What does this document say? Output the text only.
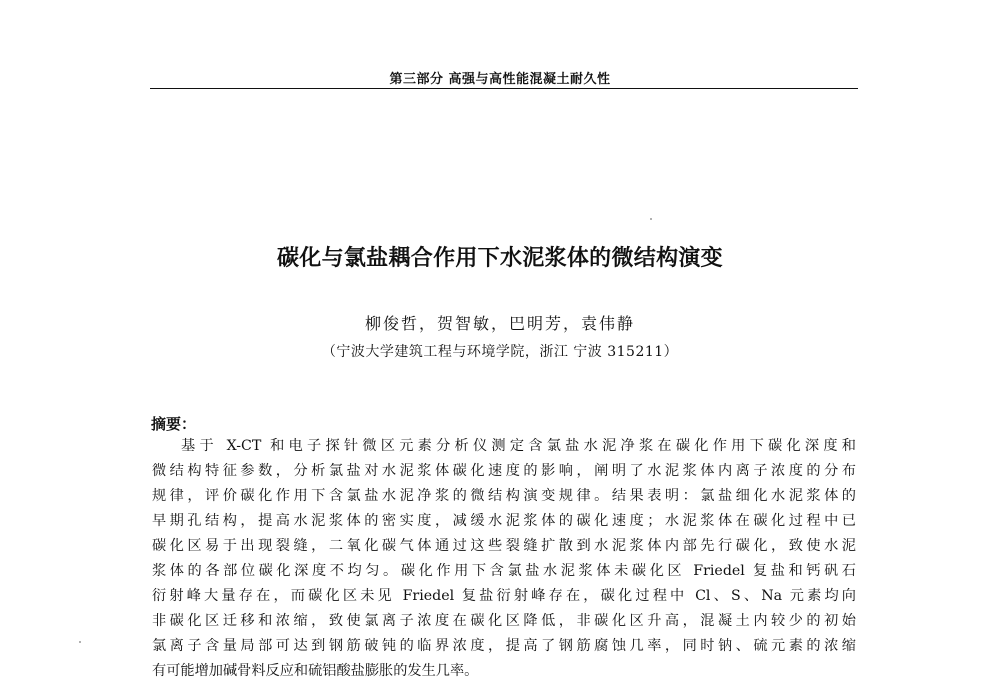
第三部分 高强与高性能混凝土耐久性
碳化与氯盐耦合作用下水泥浆体的微结构演变
柳俊哲，贺智敏，巴明芳，袁伟静
（宁波大学建筑工程与环境学院，浙江 宁波 315211）
摘要：
基于 X-CT 和电子探针微区元素分析仪测定含氯盐水泥净浆在碳化作用下碳化深度和
微结构特征参数，分析氯盐对水泥浆体碳化速度的影响，阐明了水泥浆体内离子浓度的分布
规律，评价碳化作用下含氯盐水泥净浆的微结构演变规律。结果表明：氯盐细化水泥浆体的
早期孔结构，提高水泥浆体的密实度，减缓水泥浆体的碳化速度；水泥浆体在碳化过程中已
碳化区易于出现裂缝，二氧化碳气体通过这些裂缝扩散到水泥浆体内部先行碳化，致使水泥
浆体的各部位碳化深度不均匀。碳化作用下含氯盐水泥浆体未碳化区 Friedel 复盐和钙矾石
衍射峰大量存在，而碳化区未见 Friedel 复盐衍射峰存在，碳化过程中 Cl、S、Na 元素均向
非碳化区迁移和浓缩，致使氯离子浓度在碳化区降低，非碳化区升高，混凝土内较少的初始
氯离子含量局部可达到钢筋破钝的临界浓度，提高了钢筋腐蚀几率，同时钠、硫元素的浓缩
有可能增加碱骨料反应和硫铝酸盐膨胀的发生几率。
